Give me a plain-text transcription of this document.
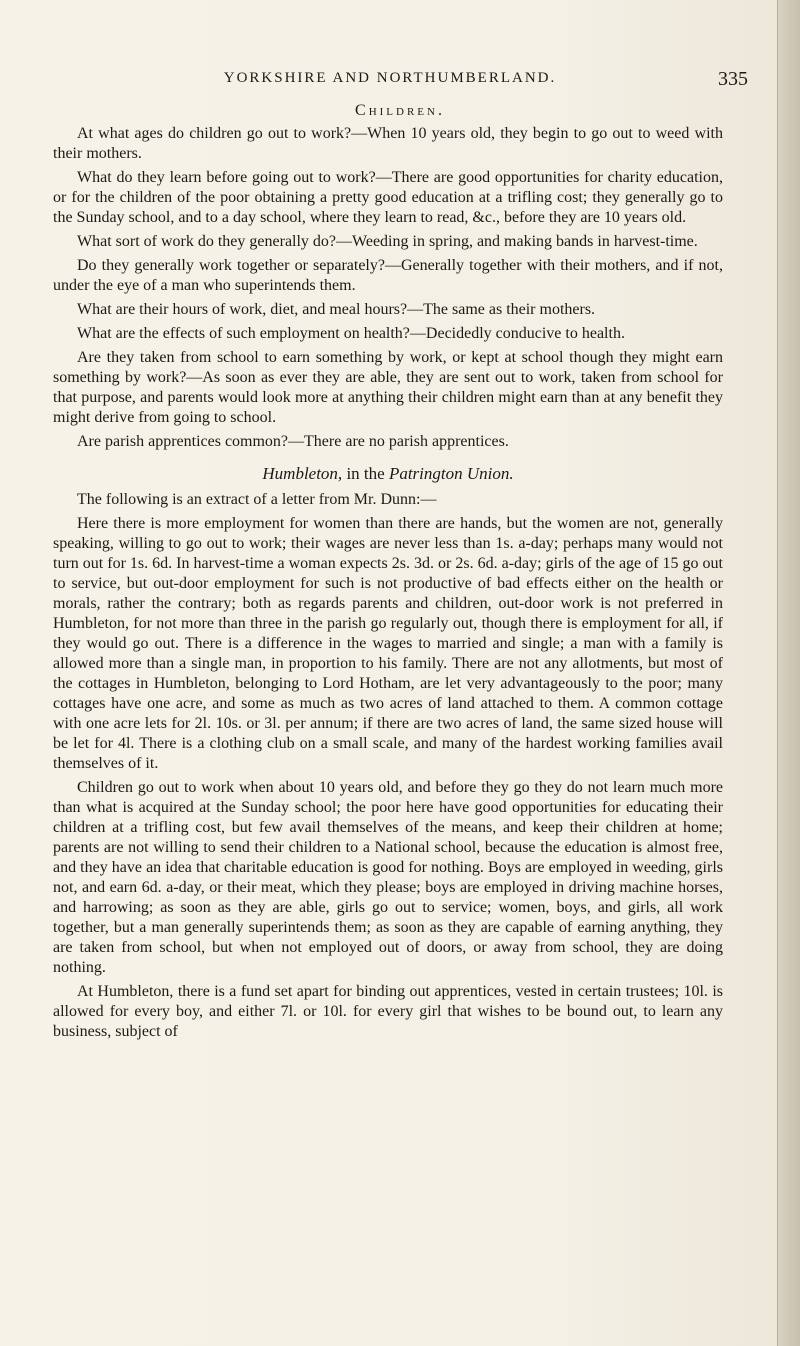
YORKSHIRE AND NORTHUMBERLAND.	335
Children.

At what ages do children go out to work?—When 10 years old, they begin to go out to weed with their mothers.

What do they learn before going out to work?—There are good opportunities for charity education, or for the children of the poor obtaining a pretty good education at a trifling cost; they generally go to the Sunday school, and to a day school, where they learn to read, &c., before they are 10 years old.

What sort of work do they generally do?—Weeding in spring, and making bands in harvest-time.

Do they generally work together or separately?—Generally together with their mothers, and if not, under the eye of a man who superintends them.

What are their hours of work, diet, and meal hours?—The same as their mothers.

What are the effects of such employment on health?—Decidedly conducive to health.

Are they taken from school to earn something by work, or kept at school though they might earn something by work?—As soon as ever they are able, they are sent out to work, taken from school for that purpose, and parents would look more at anything their children might earn than at any benefit they might derive from going to school.

Are parish apprentices common?—There are no parish apprentices.

Humbleton, in the Patrington Union.

The following is an extract of a letter from Mr. Dunn:—

Here there is more employment for women than there are hands, but the women are not, generally speaking, willing to go out to work; their wages are never less than 1s. a-day; perhaps many would not turn out for 1s. 6d. In harvest-time a woman expects 2s. 3d. or 2s. 6d. a-day; girls of the age of 15 go out to service, but out-door employment for such is not productive of bad effects either on the health or morals, rather the contrary; both as regards parents and children, out-door work is not preferred in Humbleton, for not more than three in the parish go regularly out, though there is employment for all, if they would go out. There is a difference in the wages to married and single; a man with a family is allowed more than a single man, in proportion to his family. There are not any allotments, but most of the cottages in Humbleton, belonging to Lord Hotham, are let very advantageously to the poor; many cottages have one acre, and some as much as two acres of land attached to them. A common cottage with one acre lets for 2l. 10s. or 3l. per annum; if there are two acres of land, the same sized house will be let for 4l. There is a clothing club on a small scale, and many of the hardest working families avail themselves of it.

Children go out to work when about 10 years old, and before they go they do not learn much more than what is acquired at the Sunday school; the poor here have good opportunities for educating their children at a trifling cost, but few avail themselves of the means, and keep their children at home; parents are not willing to send their children to a National school, because the education is almost free, and they have an idea that charitable education is good for nothing. Boys are employed in weeding, girls not, and earn 6d. a-day, or their meat, which they please; boys are employed in driving machine horses, and harrowing; as soon as they are able, girls go out to service; women, boys, and girls, all work together, but a man generally superintends them; as soon as they are capable of earning anything, they are taken from school, but when not employed out of doors, or away from school, they are doing nothing.

At Humbleton, there is a fund set apart for binding out apprentices, vested in certain trustees; 10l. is allowed for every boy, and either 7l. or 10l. for every girl that wishes to be bound out, to learn any business, subject of
